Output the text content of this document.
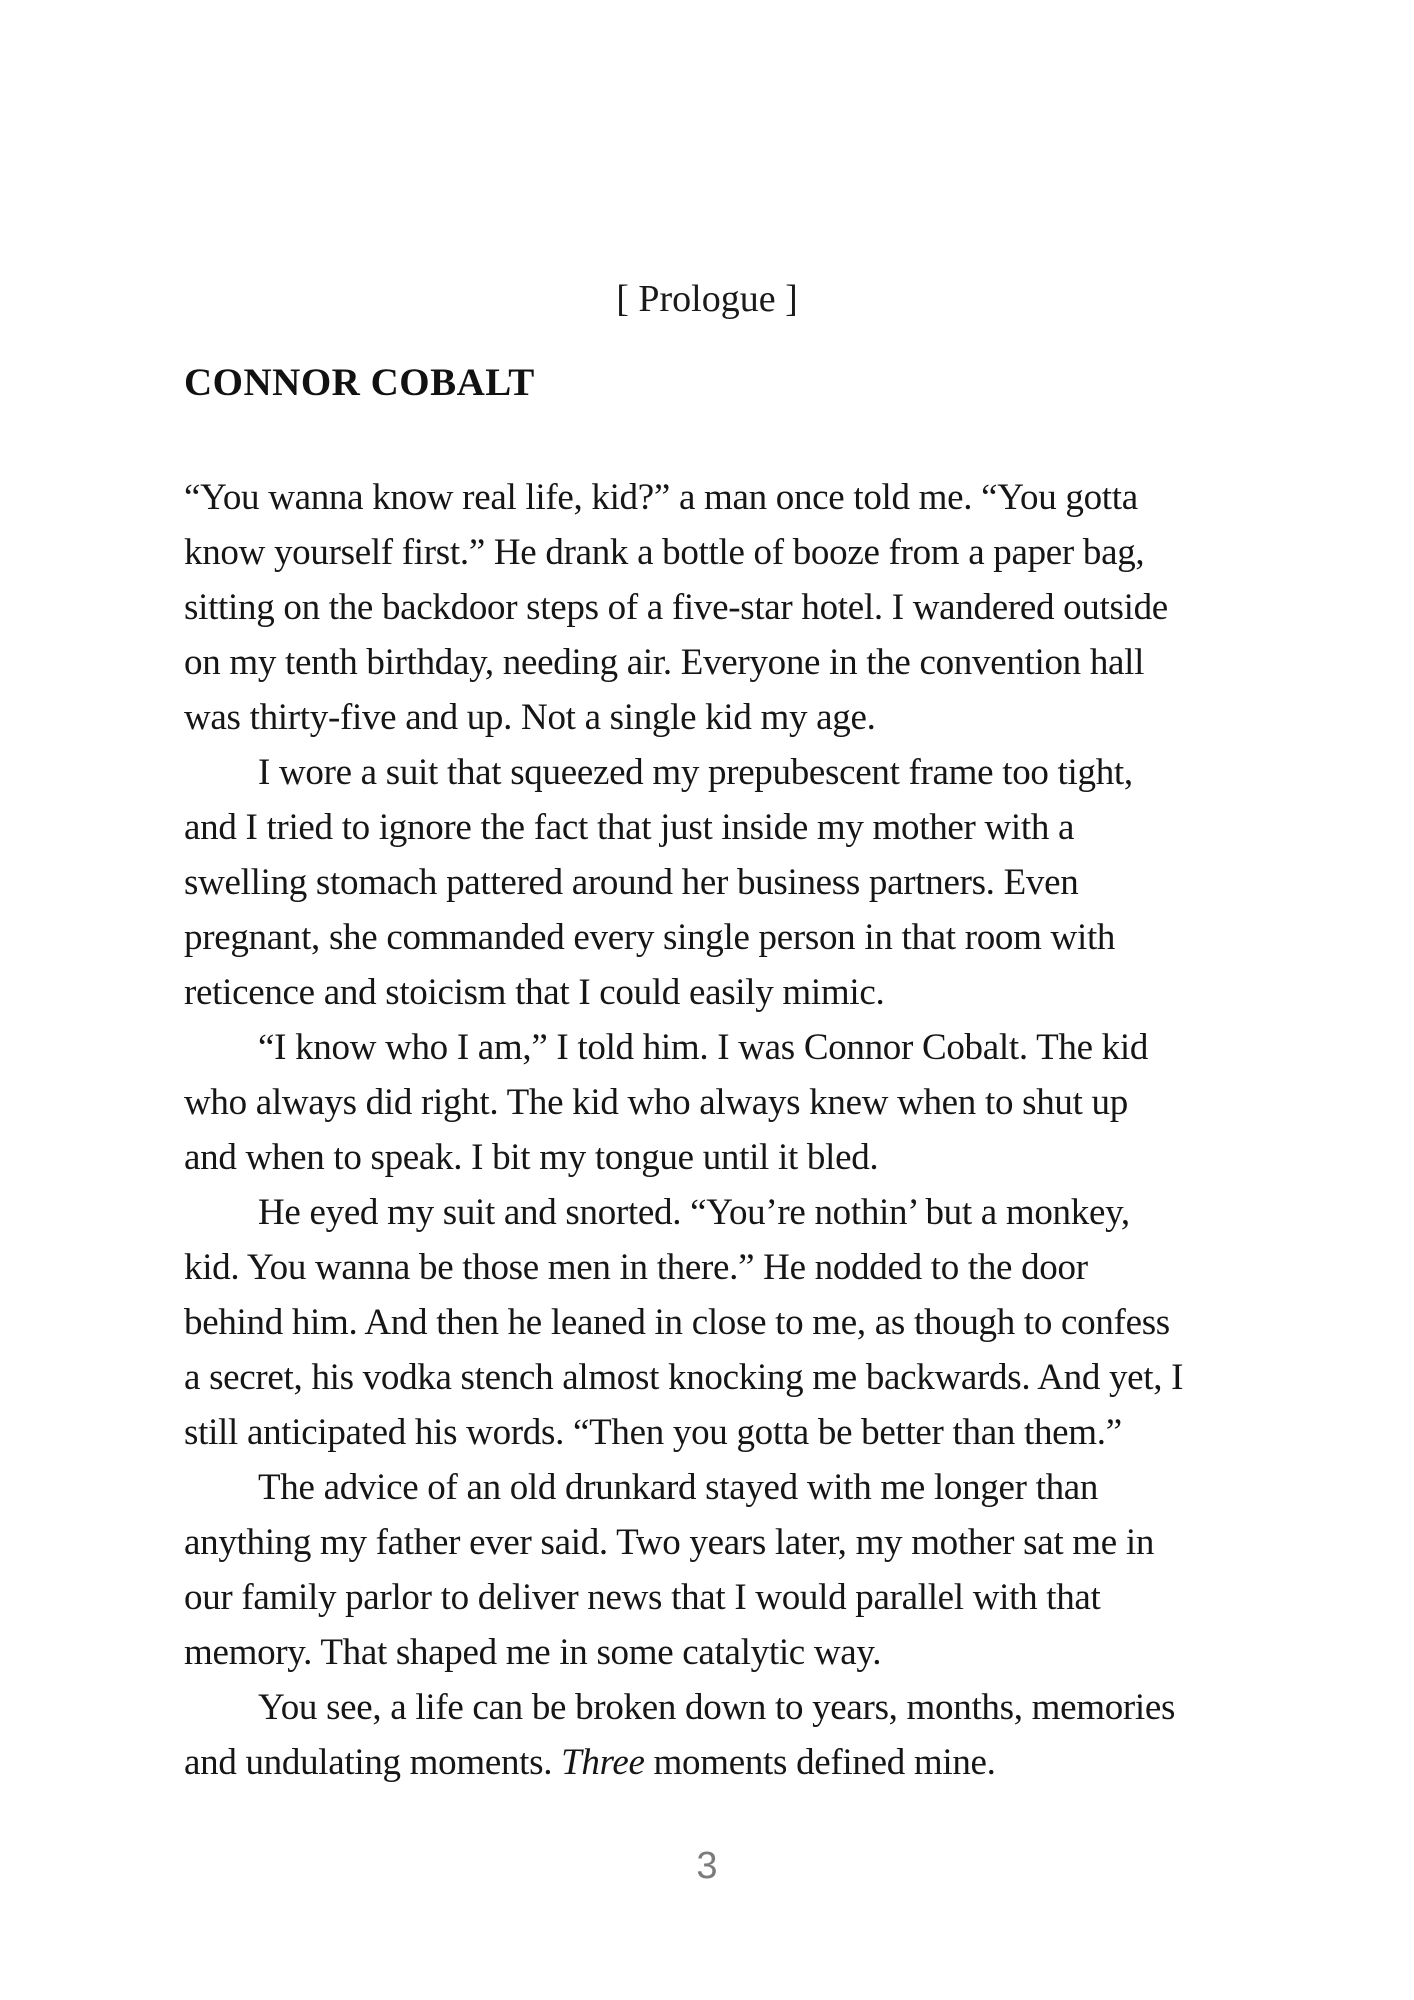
[ Prologue ]
CONNOR COBALT
“You wanna know real life, kid?” a man once told me. “You gotta
know yourself first.” He drank a bottle of booze from a paper bag,
sitting on the backdoor steps of a five-star hotel. I wandered outside
on my tenth birthday, needing air. Everyone in the convention hall
was thirty-five and up. Not a single kid my age.
I wore a suit that squeezed my prepubescent frame too tight,
and I tried to ignore the fact that just inside my mother with a
swelling stomach pattered around her business partners. Even
pregnant, she commanded every single person in that room with
reticence and stoicism that I could easily mimic.
“I know who I am,” I told him. I was Connor Cobalt. The kid
who always did right. The kid who always knew when to shut up
and when to speak. I bit my tongue until it bled.
He eyed my suit and snorted. “You’re nothin’ but a monkey,
kid. You wanna be those men in there.” He nodded to the door
behind him. And then he leaned in close to me, as though to confess
a secret, his vodka stench almost knocking me backwards. And yet, I
still anticipated his words. “Then you gotta be better than them.”
The advice of an old drunkard stayed with me longer than
anything my father ever said. Two years later, my mother sat me in
our family parlor to deliver news that I would parallel with that
memory. That shaped me in some catalytic way.
You see, a life can be broken down to years, months, memories
and undulating moments. Three moments defined mine.
3
